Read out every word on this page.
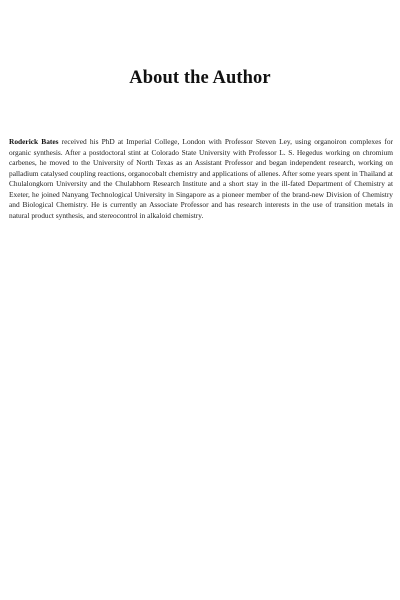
About the Author

Roderick Bates received his PhD at Imperial College, London with Professor Steven Ley, using organoiron complexes for organic synthesis. After a postdoctoral stint at Colorado State University with Professor L. S. Hegedus working on chromium carbenes, he moved to the University of North Texas as an Assistant Professor and began independent research, working on palladium catalysed coupling reactions, organocobalt chemistry and applications of allenes. After some years spent in Thailand at Chulalongkorn University and the Chulabhorn Research Institute and a short stay in the ill-fated Department of Chemistry at Exeter, he joined Nanyang Technological University in Singapore as a pioneer member of the brand-new Division of Chemistry and Biological Chemistry. He is currently an Associate Professor and has research interests in the use of transition metals in natural product synthesis, and stereocontrol in alkaloid chemistry.
